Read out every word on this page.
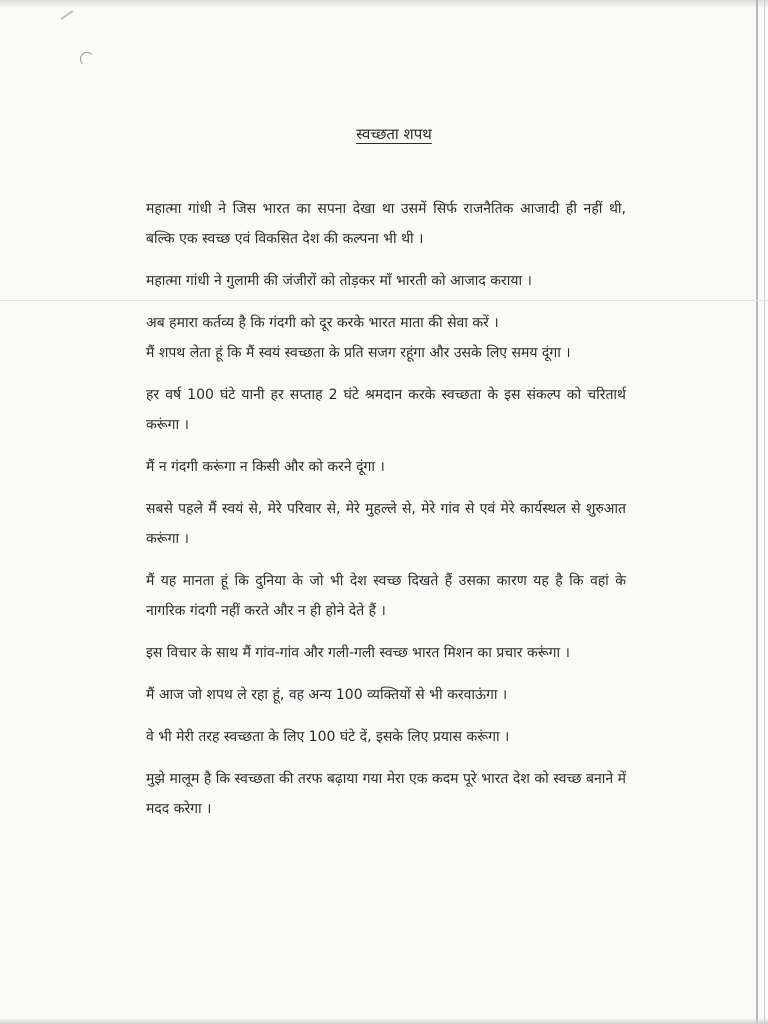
स्वच्छता शपथ

महात्मा गांधी ने जिस भारत का सपना देखा था उसमें सिर्फ राजनैतिक आजादी ही नहीं थी, बल्कि एक स्वच्छ एवं विकसित देश की कल्पना भी थी ।

महात्मा गांधी ने गुलामी की जंजीरों को तोड़कर माँ भारती को आजाद कराया ।

अब हमारा कर्तव्य है कि गंदगी को दूर करके भारत माता की सेवा करें ।

मैं शपथ लेता हूं कि मैं स्वयं स्वच्छता के प्रति सजग रहूंगा और उसके लिए समय दूंगा ।

हर वर्ष 100 घंटे यानी हर सप्ताह 2 घंटे श्रमदान करके स्वच्छता के इस संकल्प को चरितार्थ करूंगा ।

मैं न गंदगी करूंगा न किसी और को करने दूंगा ।

सबसे पहले मैं स्वयं से, मेरे परिवार से, मेरे मुहल्ले से, मेरे गांव से एवं मेरे कार्यस्थल से शुरुआत करूंगा ।

मैं यह मानता हूं कि दुनिया के जो भी देश स्वच्छ दिखते हैं उसका कारण यह है कि वहां के नागरिक गंदगी नहीं करते और न ही होने देते हैं ।

इस विचार के साथ मैं गांव-गांव और गली-गली स्वच्छ भारत मिशन का प्रचार करूंगा ।

मैं आज जो शपथ ले रहा हूं, वह अन्य 100 व्यक्तियों से भी करवाऊंगा ।

वे भी मेरी तरह स्वच्छता के लिए 100 घंटे दें, इसके लिए प्रयास करूंगा ।

मुझे मालूम है कि स्वच्छता की तरफ बढ़ाया गया मेरा एक कदम पूरे भारत देश को स्वच्छ बनाने में मदद करेगा ।
